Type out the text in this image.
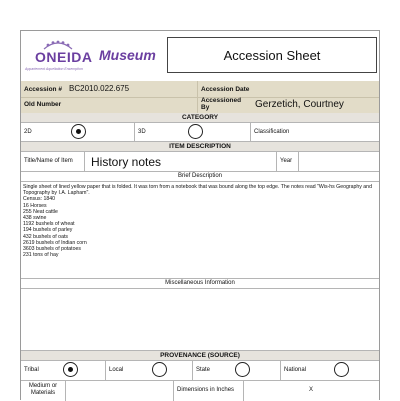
ONEIDA
Appartement Aqueltation Ensemption
Museum	Accession Sheet
Accession # BC2010.022.675	Accession Date
Old Number
Accessioned By	Gerzetich, Courtney
CATEGORY
2D	3D	Classification
ITEM DESCRIPTION
Title/Name of Item History notes	Year
Brief Description
Single sheet of lined yellow paper that is folded. It was torn from a notebook that was bound along the top edge. The notes read "Wis-hs Geography and Topography by I.A. Lapham".
Census: 1840
16 Horses
255 Neat cattle
438 swine
1192 bushels of wheat
194 bushels of parley
432 bushels of oats
2619 bushels of Indian corn
3603 bushels of potatoes
231 tons of hay
Miscellaneous Information
PROVENANCE (SOURCE)
Tribal	Local	State	National
Medium or Materials	Dimensions in Inches	X
